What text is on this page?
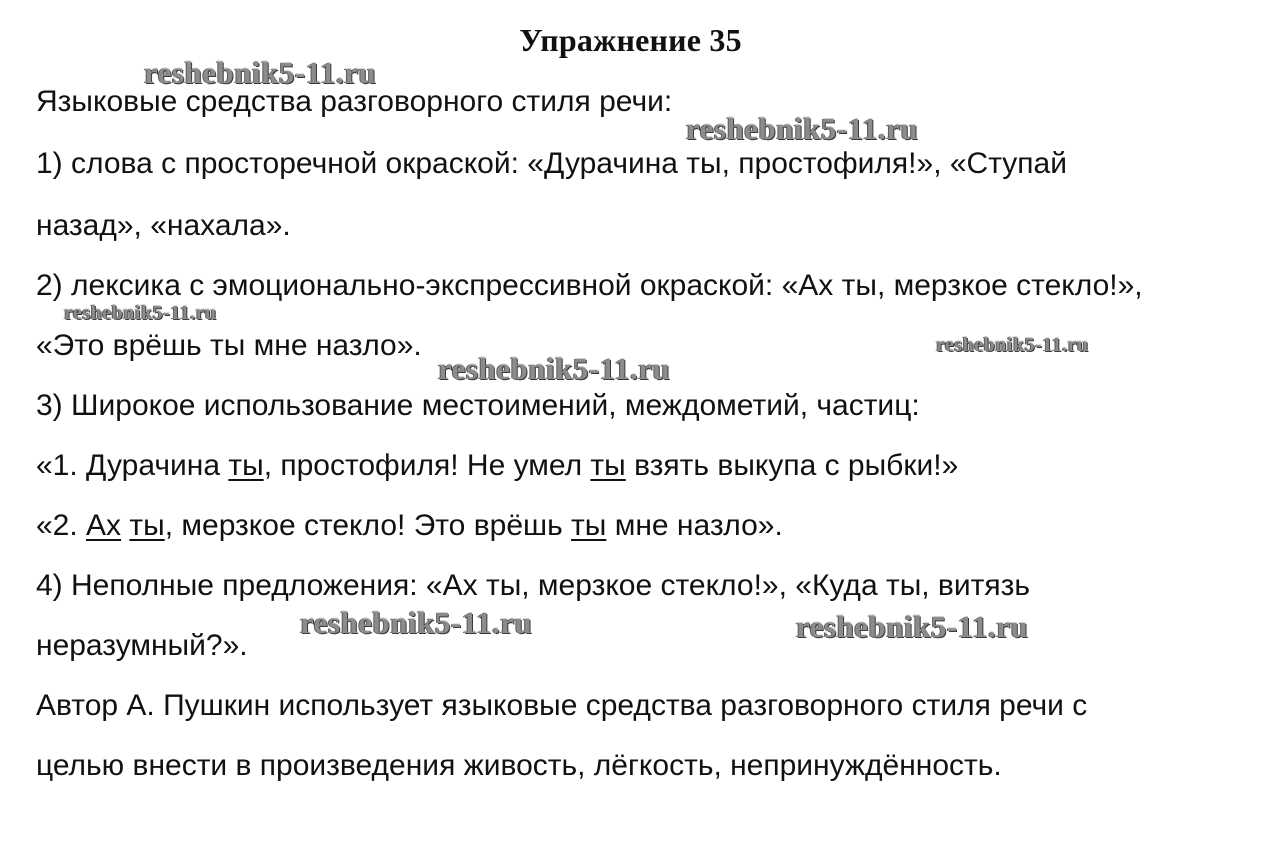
Упражнение 35
Языковые средства разговорного стиля речи:
1) слова с просторечной окраской: «Дурачина ты, простофиля!», «Ступай
назад», «нахала».
2) лексика с эмоционально-экспрессивной окраской: «Ах ты, мерзкое стекло!»,
«Это врёшь ты мне назло».
3) Широкое использование местоимений, междометий, частиц:
«1. Дурачина ты, простофиля! Не умел ты взять выкупа с рыбки!»
«2. Ах ты, мерзкое стекло! Это врёшь ты мне назло».
4) Неполные предложения: «Ах ты, мерзкое стекло!», «Куда ты, витязь
неразумный?».
Автор А. Пушкин использует языковые средства разговорного стиля речи с
целью внести в произведения живость, лёгкость, непринуждённость.
reshebnik5-11.ru
reshebnik5-11.ru
reshebnik5-11.ru
reshebnik5-11.ru
reshebnik5-11.ru
reshebnik5-11.ru	reshebnik5-11.ru
